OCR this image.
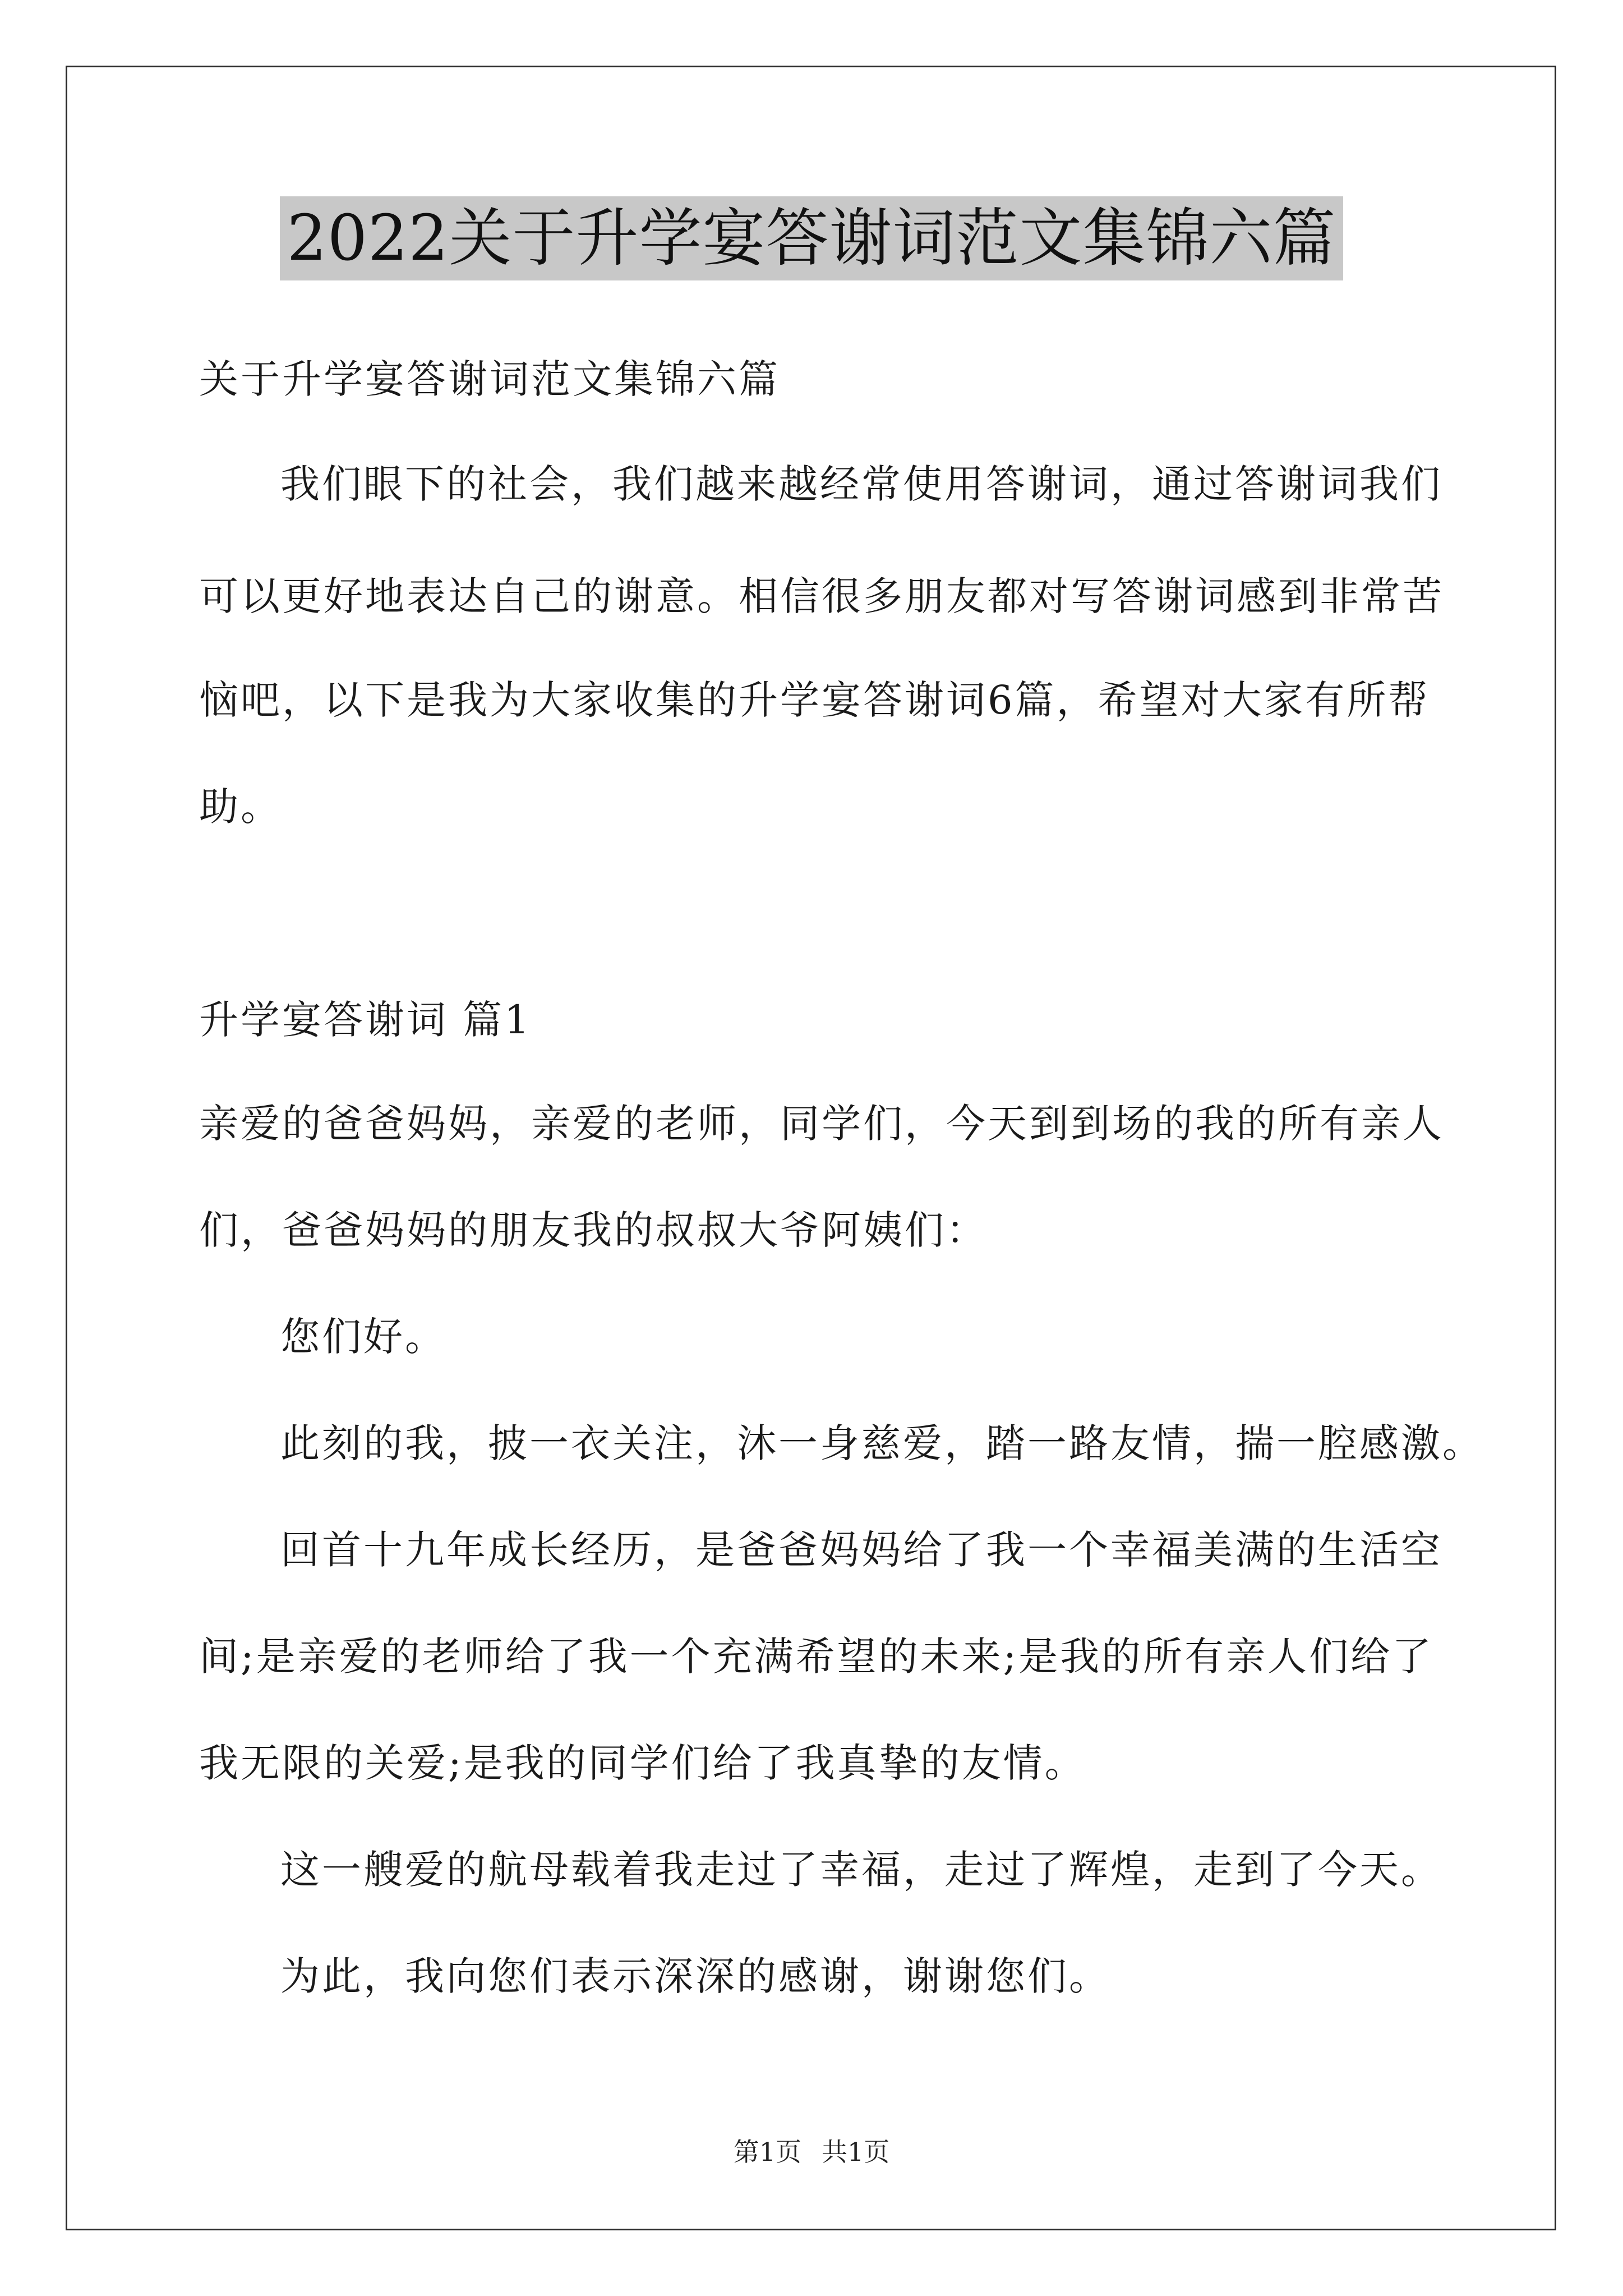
2022关于升学宴答谢词范文集锦六篇
关于升学宴答谢词范文集锦六篇
我们眼下的社会，我们越来越经常使用答谢词，通过答谢词我们
可以更好地表达自己的谢意。相信很多朋友都对写答谢词感到非常苦
恼吧，以下是我为大家收集的升学宴答谢词6篇，希望对大家有所帮
助。
升学宴答谢词 篇1
亲爱的爸爸妈妈，亲爱的老师，同学们，今天到到场的我的所有亲人
们，爸爸妈妈的朋友我的叔叔大爷阿姨们：
您们好。
此刻的我，披一衣关注，沐一身慈爱，踏一路友情，揣一腔感激。
回首十九年成长经历，是爸爸妈妈给了我一个幸福美满的生活空
间;是亲爱的老师给了我一个充满希望的未来;是我的所有亲人们给了
我无限的关爱;是我的同学们给了我真挚的友情。
这一艘爱的航母载着我走过了幸福，走过了辉煌，走到了今天。
为此，我向您们表示深深的感谢，谢谢您们。
第1页 共1页
